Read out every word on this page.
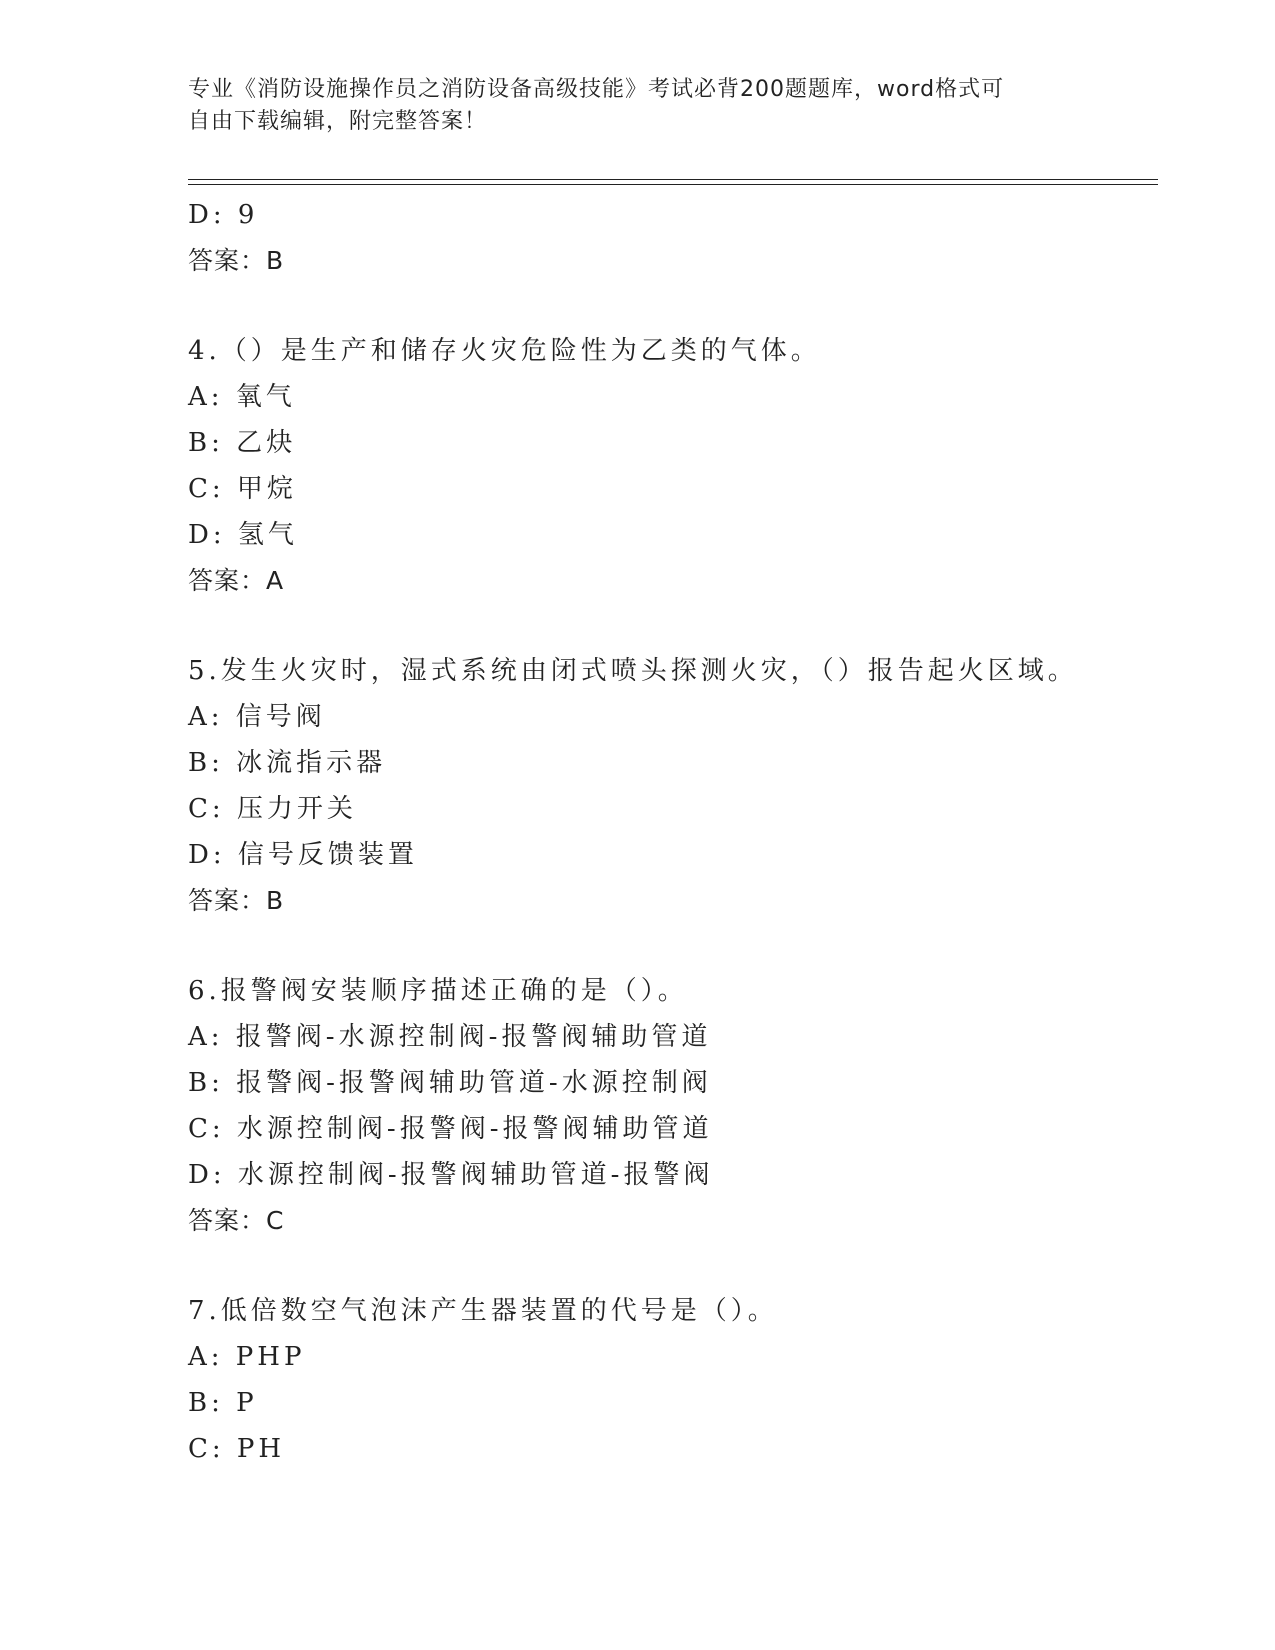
专业《消防设施操作员之消防设备高级技能》考试必背200题题库，word格式可
自由下载编辑，附完整答案！
D: 9
答案：B
4.（）是生产和储存火灾危险性为乙类的气体。
A: 氧气
B: 乙炔
C: 甲烷
D: 氢气
答案：A
5.发生火灾时，湿式系统由闭式喷头探测火灾，（）报告起火区域。
A: 信号阀
B: 冰流指示器
C: 压力开关
D: 信号反馈装置
答案：B
6.报警阀安装顺序描述正确的是（）。
A: 报警阀-水源控制阀-报警阀辅助管道
B: 报警阀-报警阀辅助管道-水源控制阀
C: 水源控制阀-报警阀-报警阀辅助管道
D: 水源控制阀-报警阀辅助管道-报警阀
答案：C
7.低倍数空气泡沫产生器装置的代号是（）。
A: PHP
B: P
C: PH
